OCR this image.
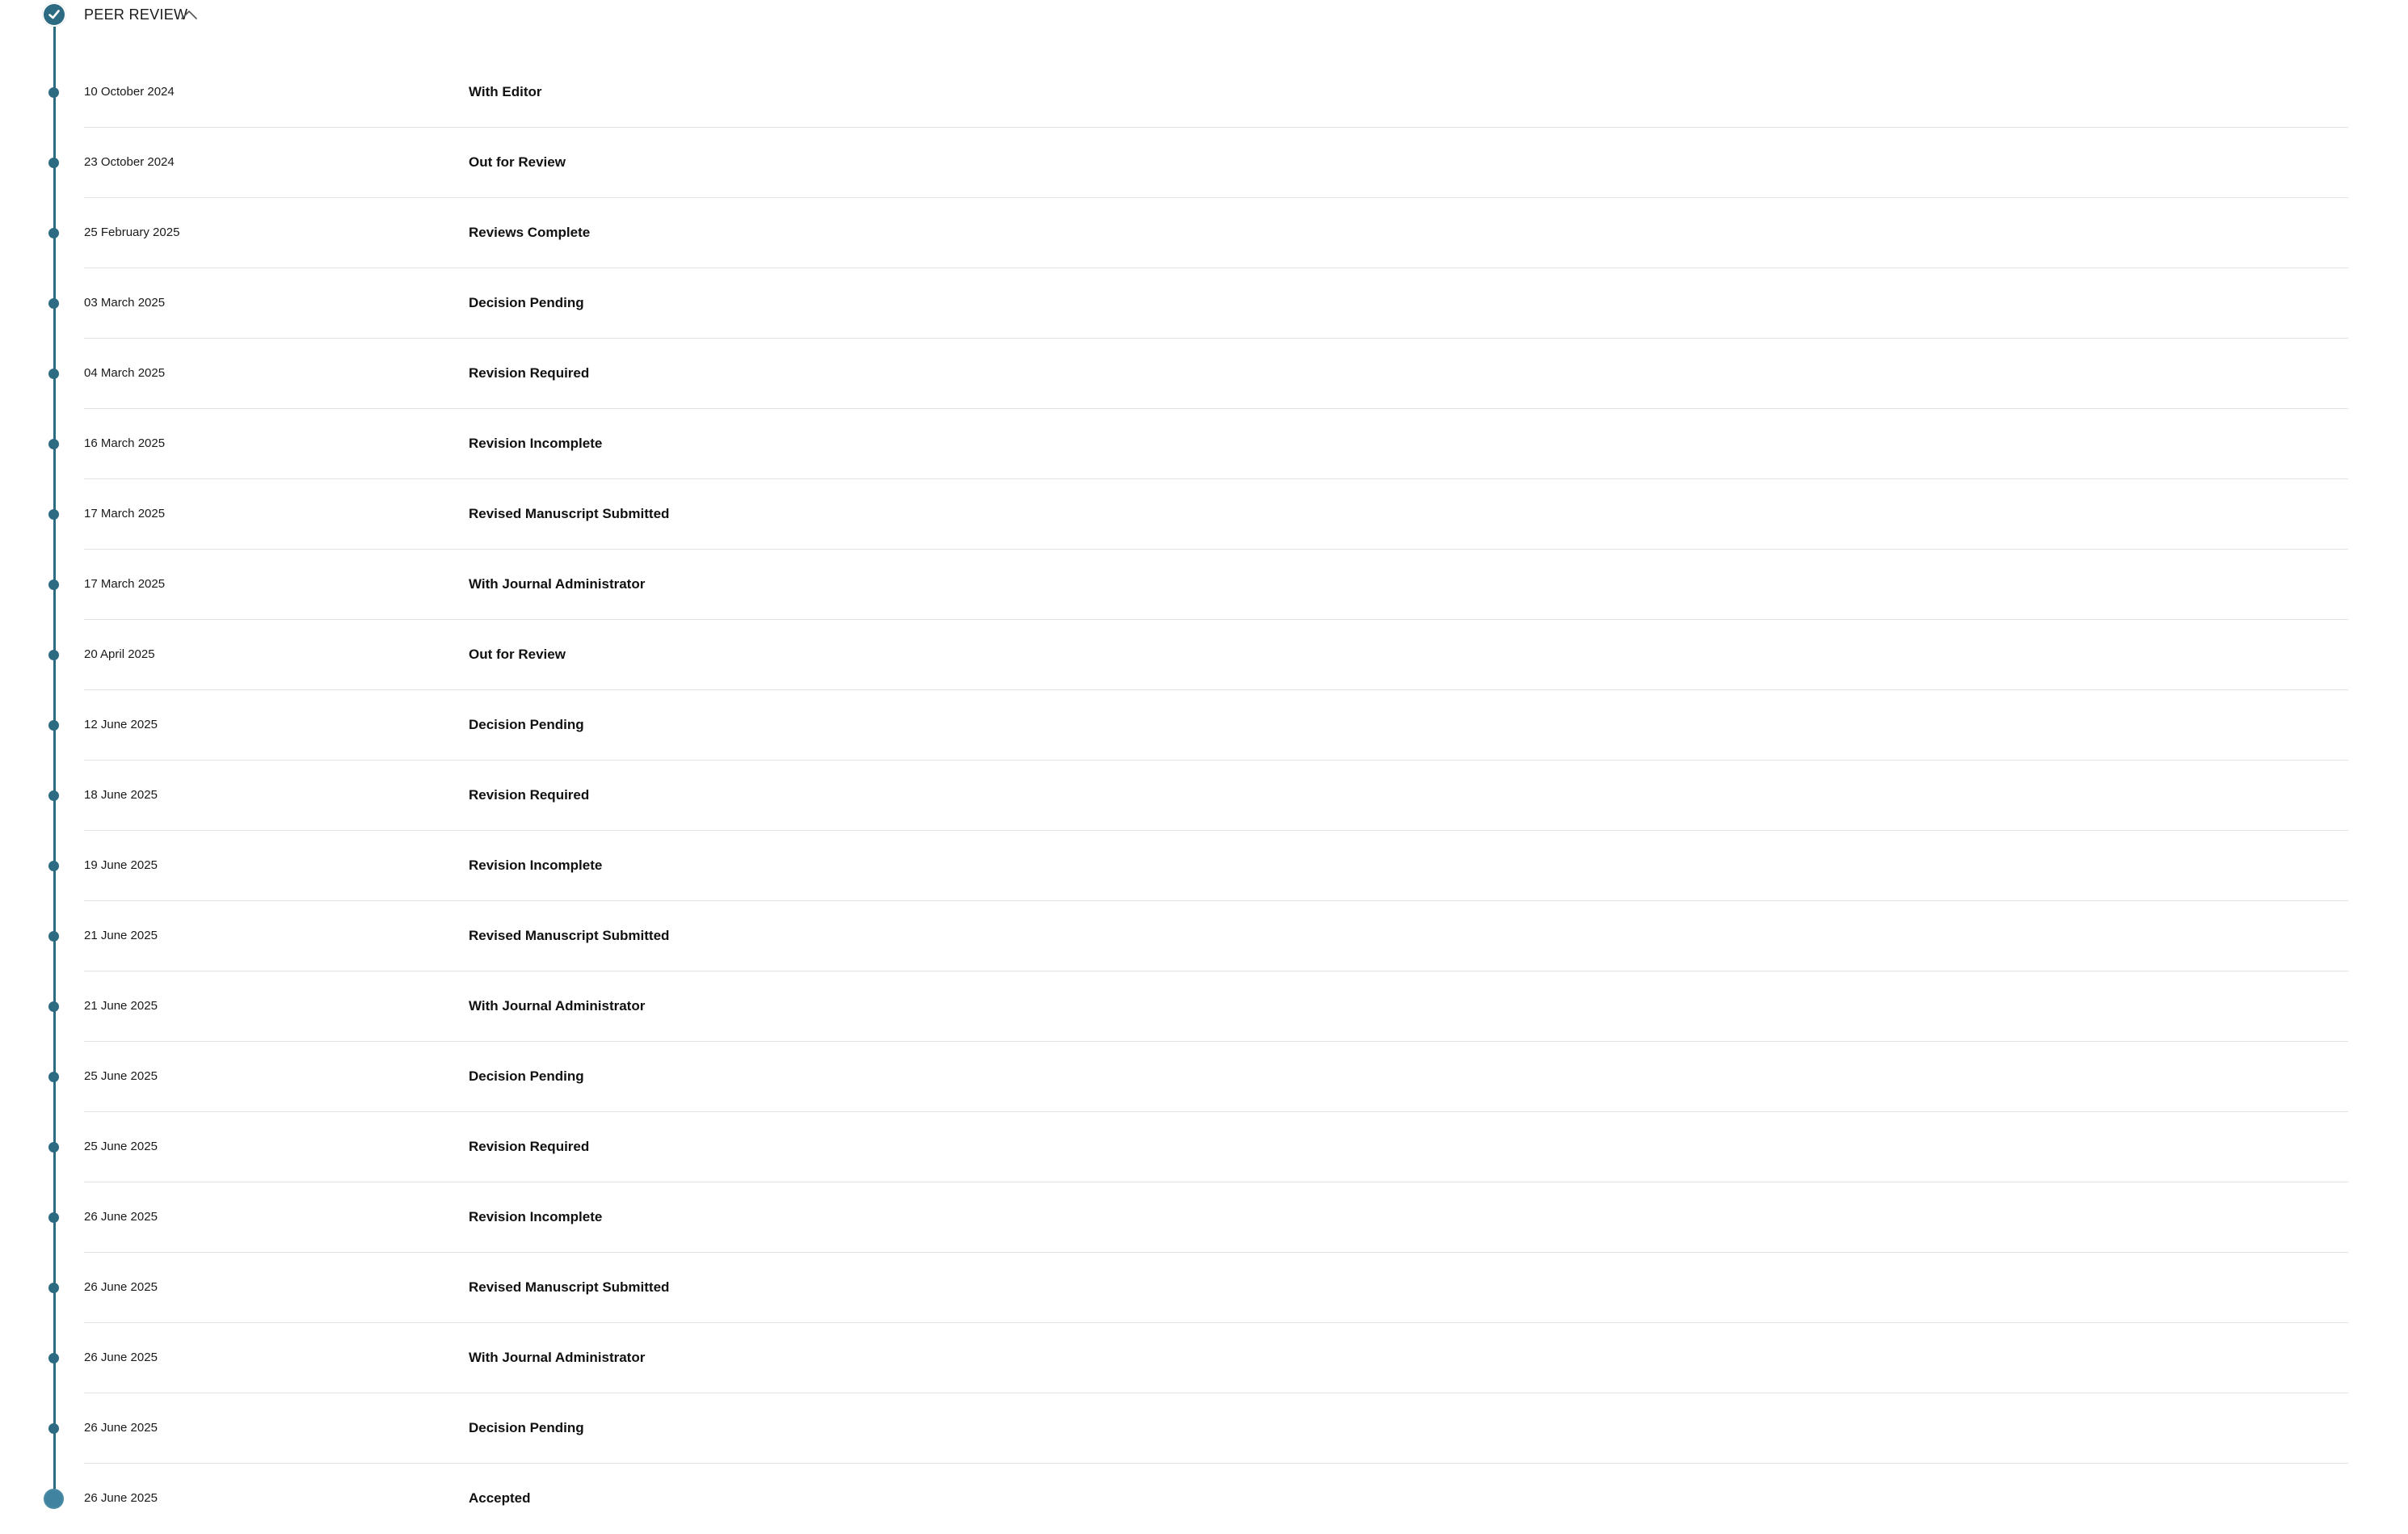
PEER REVIEW
10 October 2024	With Editor
23 October 2024	Out for Review
25 February 2025	Reviews Complete
03 March 2025	Decision Pending
04 March 2025	Revision Required
16 March 2025	Revision Incomplete
17 March 2025	Revised Manuscript Submitted
17 March 2025	With Journal Administrator
20 April 2025	Out for Review
12 June 2025	Decision Pending
18 June 2025	Revision Required
19 June 2025	Revision Incomplete
21 June 2025	Revised Manuscript Submitted
21 June 2025	With Journal Administrator
25 June 2025	Decision Pending
25 June 2025	Revision Required
26 June 2025	Revision Incomplete
26 June 2025	Revised Manuscript Submitted
26 June 2025	With Journal Administrator
26 June 2025	Decision Pending
26 June 2025	Accepted
